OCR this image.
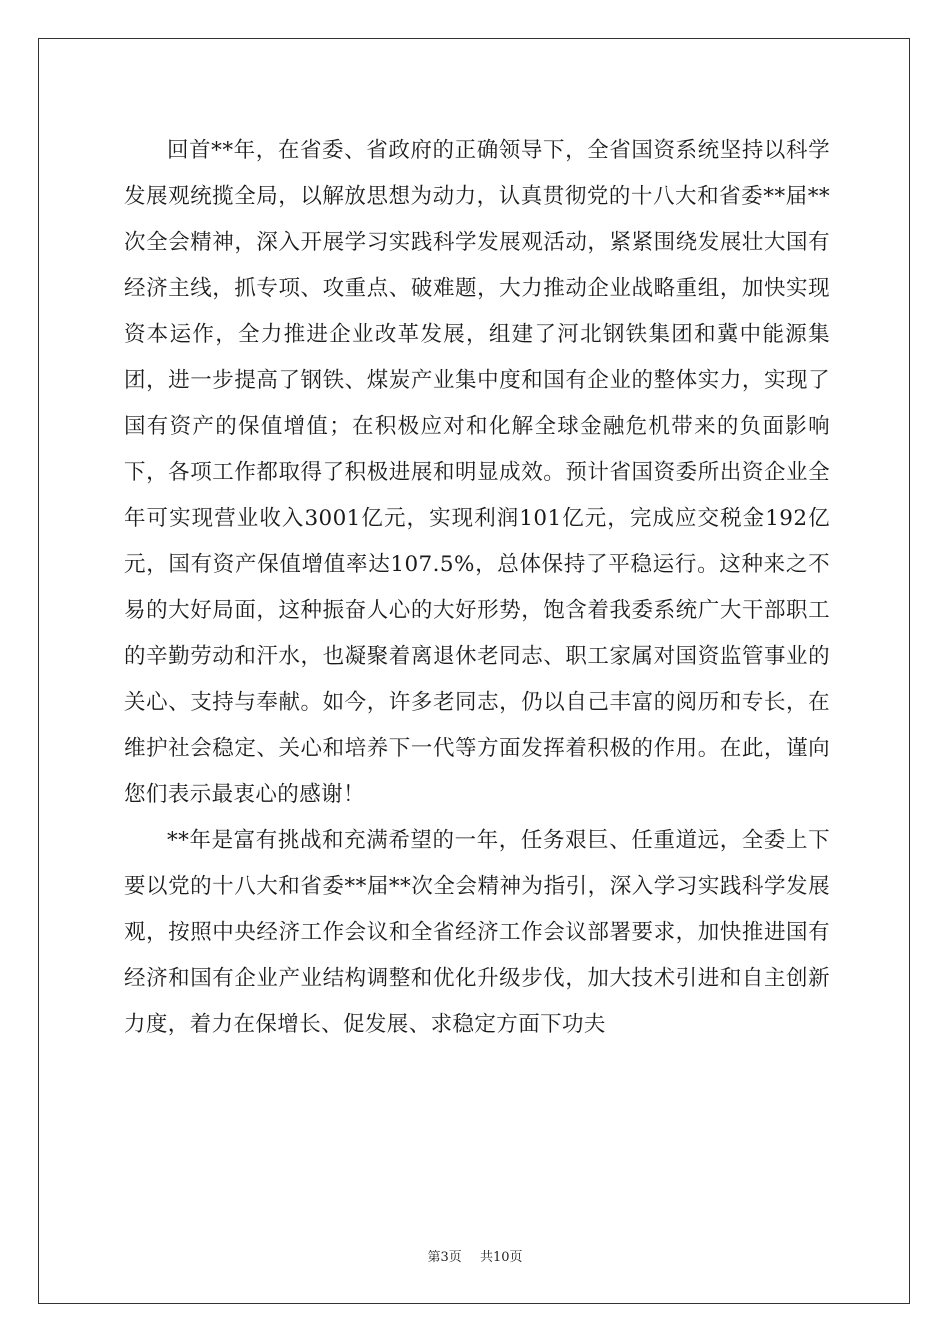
回首**年，在省委、省政府的正确领导下，全省国资系统坚持以科学发展观统揽全局，以解放思想为动力，认真贯彻党的十八大和省委**届**次全会精神，深入开展学习实践科学发展观活动，紧紧围绕发展壮大国有经济主线，抓专项、攻重点、破难题，大力推动企业战略重组，加快实现资本运作，全力推进企业改革发展，组建了河北钢铁集团和冀中能源集团，进一步提高了钢铁、煤炭产业集中度和国有企业的整体实力，实现了国有资产的保值增值；在积极应对和化解全球金融危机带来的负面影响下，各项工作都取得了积极进展和明显成效。预计省国资委所出资企业全年可实现营业收入3001亿元，实现利润101亿元，完成应交税金192亿元，国有资产保值增值率达107.5%，总体保持了平稳运行。这种来之不易的大好局面，这种振奋人心的大好形势，饱含着我委系统广大干部职工的辛勤劳动和汗水，也凝聚着离退休老同志、职工家属对国资监管事业的关心、支持与奉献。如今，许多老同志，仍以自己丰富的阅历和专长，在维护社会稳定、关心和培养下一代等方面发挥着积极的作用。在此，谨向您们表示最衷心的感谢！

**年是富有挑战和充满希望的一年，任务艰巨、任重道远，全委上下要以党的十八大和省委**届**次全会精神为指引，深入学习实践科学发展观，按照中央经济工作会议和全省经济工作会议部署要求，加快推进国有经济和国有企业产业结构调整和优化升级步伐，加大技术引进和自主创新力度，着力在保增长、促发展、求稳定方面下功夫

第3页 共10页
